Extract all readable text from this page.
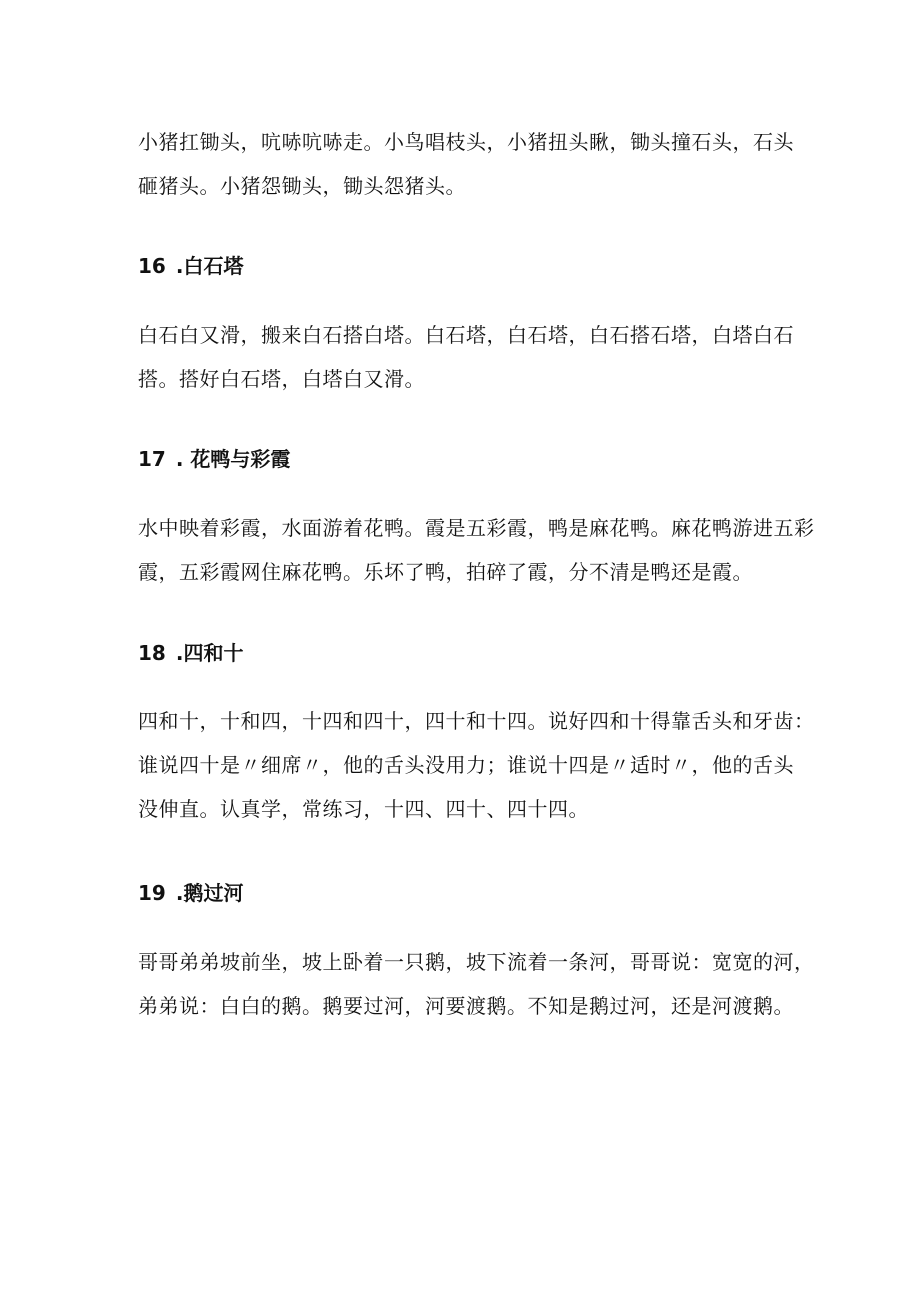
小猪扛锄头，吭哧吭哧走。小鸟唱枝头，小猪扭头瞅，锄头撞石头，石头
砸猪头。小猪怨锄头，锄头怨猪头。

16 .白石塔

白石白又滑，搬来白石搭白塔。白石塔，白石塔，白石搭石塔，白塔白石
搭。搭好白石塔，白塔白又滑。

17 . 花鸭与彩霞

水中映着彩霞，水面游着花鸭。霞是五彩霞，鸭是麻花鸭。麻花鸭游进五彩
霞，五彩霞网住麻花鸭。乐坏了鸭，拍碎了霞，分不清是鸭还是霞。

18 .四和十

四和十，十和四，十四和四十，四十和十四。说好四和十得靠舌头和牙齿：
谁说四十是〃细席〃，他的舌头没用力；谁说十四是〃适时〃，他的舌头
没伸直。认真学，常练习，十四、四十、四十四。

19 .鹅过河

哥哥弟弟坡前坐，坡上卧着一只鹅，坡下流着一条河，哥哥说：宽宽的河，
弟弟说：白白的鹅。鹅要过河，河要渡鹅。不知是鹅过河，还是河渡鹅。
